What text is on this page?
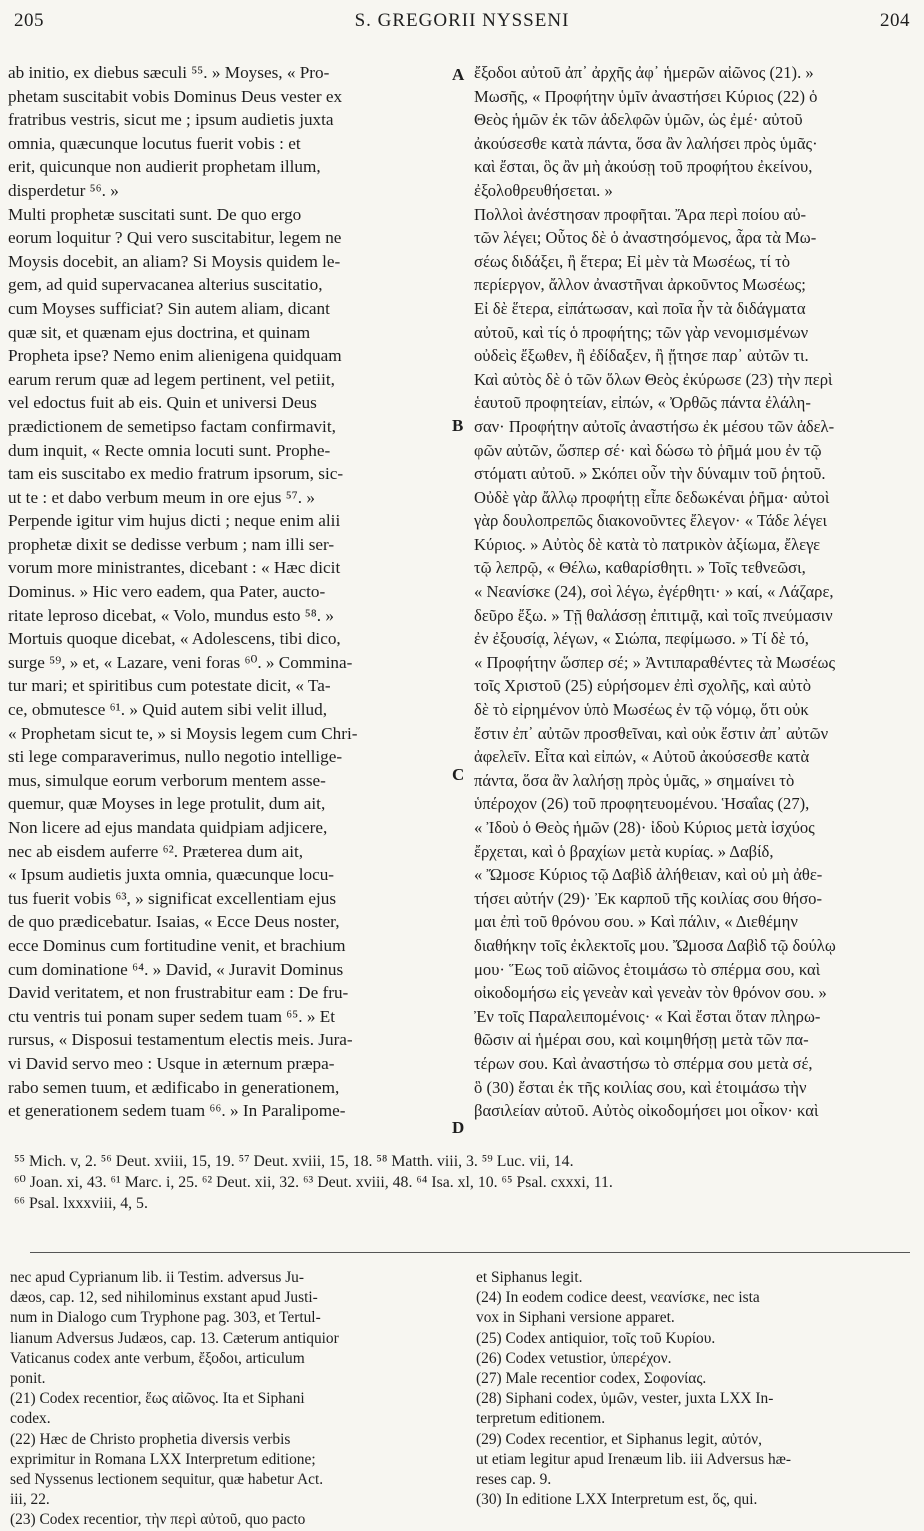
205	S. GREGORII NYSSENI	204
ab initio, ex diebus sæculi ⁵⁵. » Moyses, « Pro-
phetam suscitabit vobis Dominus Deus vester ex
fratribus vestris, sicut me ; ipsum audietis juxta
omnia, quæcunque locutus fuerit vobis : et
erit, quicunque non audierit prophetam illum,
disperdetur ⁵⁶. »
Multi prophetæ suscitati sunt. De quo ergo
eorum loquitur ? Qui vero suscitabitur, legem ne
Moysis docebit, an aliam? Si Moysis quidem le-
gem, ad quid supervacanea alterius suscitatio,
cum Moyses sufficiat? Sin autem aliam, dicant
quæ sit, et quænam ejus doctrina, et quinam
Propheta ipse? Nemo enim alienigena quidquam
earum rerum quæ ad legem pertinent, vel petiit,
vel edoctus fuit ab eis. Quin et universi Deus
prædictionem de semetipso factam confirmavit,
dum inquit, « Recte omnia locuti sunt. Prophe-
tam eis suscitabo ex medio fratrum ipsorum, sic-
ut te : et dabo verbum meum in ore ejus ⁵⁷. »
Perpende igitur vim hujus dicti ; neque enim alii
prophetæ dixit se dedisse verbum ; nam illi ser-
vorum more ministrantes, dicebant : « Hæc dicit
Dominus. » Hic vero eadem, qua Pater, aucto-
ritate leproso dicebat, « Volo, mundus esto ⁵⁸. »
Mortuis quoque dicebat, « Adolescens, tibi dico,
surge ⁵⁹, » et, « Lazare, veni foras ⁶⁰. » Commina-
tur mari; et spiritibus cum potestate dicit, « Ta-
ce, obmutesce ⁶¹. » Quid autem sibi velit illud,
« Prophetam sicut te, » si Moysis legem cum Chri-
sti lege comparaverimus, nullo negotio intellige-
mus, simulque eorum verborum mentem asse-
quemur, quæ Moyses in lege protulit, dum ait,
Non licere ad ejus mandata quidpiam adjicere,
nec ab eisdem auferre ⁶². Præterea dum ait,
« Ipsum audietis juxta omnia, quæcunque locu-
tus fuerit vobis ⁶³, » significat excellentiam ejus
de quo prædicebatur. Isaias, « Ecce Deus noster,
ecce Dominus cum fortitudine venit, et brachium
cum dominatione ⁶⁴. » David, « Juravit Dominus
David veritatem, et non frustrabitur eam : De fru-
ctu ventris tui ponam super sedem tuam ⁶⁵. » Et
rursus, « Disposui testamentum electis meis. Jura-
vi David servo meo : Usque in æternum præpa-
rabo semen tuum, et ædificabo in generationem,
et generationem sedem tuam ⁶⁶. » In Paralipome-
ἔξοδοι αὐτοῦ ἀπ᾽ ἀρχῆς ἀφ᾽ ἡμερῶν αἰῶνος (21). »
Μωσῆς, « Προφήτην ὑμῖν ἀναστήσει Κύριος (22) ὁ
Θεὸς ἡμῶν ἐκ τῶν ἀδελφῶν ὑμῶν, ὡς ἐμέ· αὐτοῦ
ἀκούσεσθε κατὰ πάντα, ὅσα ἂν λαλήσει πρὸς ὑμᾶς·
καὶ ἔσται, ὃς ἂν μὴ ἀκούσῃ τοῦ προφήτου ἐκείνου,
ἐξολοθρευθήσεται. »
Πολλοὶ ἀνέστησαν προφῆται. Ἄρα περὶ ποίου αὐ-
τῶν λέγει; Οὗτος δὲ ὁ ἀναστησόμενος, ἆρα τὰ Μω-
σέως διδάξει, ἢ ἕτερα; Εἰ μὲν τὰ Μωσέως, τί τὸ
περίεργον, ἄλλον ἀναστῆναι ἀρκοῦντος Μωσέως;
Εἰ δὲ ἕτερα, εἰπάτωσαν, καὶ ποῖα ἦν τὰ διδάγματα
αὐτοῦ, καὶ τίς ὁ προφήτης; τῶν γὰρ νενομισμένων
οὐδεὶς ἔξωθεν, ἢ ἐδίδαξεν, ἢ ᾔτησε παρ᾽ αὐτῶν τι.
Καὶ αὐτὸς δὲ ὁ τῶν ὅλων Θεὸς ἐκύρωσε (23) τὴν περὶ
ἑαυτοῦ προφητείαν, εἰπών, « Ὀρθῶς πάντα ἐλάλη-
σαν· Προφήτην αὐτοῖς ἀναστήσω ἐκ μέσου τῶν ἀδελ-
φῶν αὐτῶν, ὥσπερ σέ· καὶ δώσω τὸ ῥῆμά μου ἐν τῷ
στόματι αὐτοῦ. » Σκόπει οὖν τὴν δύναμιν τοῦ ῥητοῦ.
Οὐδὲ γὰρ ἄλλῳ προφήτῃ εἶπε δεδωκέναι ῥῆμα· αὐτοὶ
γὰρ δουλοπρεπῶς διακονοῦντες ἔλεγον· « Τάδε λέγει
Κύριος. » Αὐτὸς δὲ κατὰ τὸ πατρικὸν ἀξίωμα, ἔλεγε
τῷ λεπρῷ, « Θέλω, καθαρίσθητι. » Τοῖς τεθνεῶσι,
« Νεανίσκε (24), σοὶ λέγω, ἐγέρθητι· » καί, « Λάζαρε,
δεῦρο ἔξω. » Τῇ θαλάσσῃ ἐπιτιμᾷ, καὶ τοῖς πνεύμασιν
ἐν ἐξουσίᾳ, λέγων, « Σιώπα, πεφίμωσο. » Τί δὲ τό,
« Προφήτην ὥσπερ σέ; » Ἀντιπαραθέντες τὰ Μωσέως
τοῖς Χριστοῦ (25) εὑρήσομεν ἐπὶ σχολῆς, καὶ αὐτὸ
δὲ τὸ εἰρημένον ὑπὸ Μωσέως ἐν τῷ νόμῳ, ὅτι οὐκ
ἔστιν ἐπ᾽ αὐτῶν προσθεῖναι, καὶ οὐκ ἔστιν ἀπ᾽ αὐτῶν
ἀφελεῖν. Εἶτα καὶ εἰπών, « Αὐτοῦ ἀκούσεσθε κατὰ
πάντα, ὅσα ἂν λαλήσῃ πρὸς ὑμᾶς, » σημαίνει τὸ
ὑπέροχον (26) τοῦ προφητευομένου. Ἡσαΐας (27),
« Ἰδοὺ ὁ Θεὸς ἡμῶν (28)· ἰδοὺ Κύριος μετὰ ἰσχύος
ἔρχεται, καὶ ὁ βραχίων μετὰ κυρίας. » Δαβίδ,
« Ὤμοσε Κύριος τῷ Δαβὶδ ἀλήθειαν, καὶ οὐ μὴ ἀθε-
τήσει αὐτήν (29)· Ἐκ καρποῦ τῆς κοιλίας σου θήσο-
μαι ἐπὶ τοῦ θρόνου σου. » Καὶ πάλιν, « Διεθέμην
διαθήκην τοῖς ἐκλεκτοῖς μου. Ὤμοσα Δαβὶδ τῷ δούλῳ
μου· Ἕως τοῦ αἰῶνος ἑτοιμάσω τὸ σπέρμα σου, καὶ
οἰκοδομήσω εἰς γενεὰν καὶ γενεὰν τὸν θρόνον σου. »
Ἐν τοῖς Παραλειπομένοις· « Καὶ ἔσται ὅταν πληρω-
θῶσιν αἱ ἡμέραι σου, καὶ κοιμηθήσῃ μετὰ τῶν πα-
τέρων σου. Καὶ ἀναστήσω τὸ σπέρμα σου μετὰ σέ,
ὃ (30) ἔσται ἐκ τῆς κοιλίας σου, καὶ ἑτοιμάσω τὴν
βασιλείαν αὐτοῦ. Αὐτὸς οἰκοδομήσει μοι οἶκον· καὶ
A
B
C
D
⁵⁵ Mich. v, 2. ⁵⁶ Deut. xviii, 15, 19. ⁵⁷ Deut. xviii, 15, 18. ⁵⁸ Matth. viii, 3. ⁵⁹ Luc. vii, 14.
⁶⁰ Joan. xi, 43. ⁶¹ Marc. i, 25. ⁶² Deut. xii, 32. ⁶³ Deut. xviii, 48. ⁶⁴ Isa. xl, 10. ⁶⁵ Psal. cxxxi, 11.
⁶⁶ Psal. lxxxviii, 4, 5.
nec apud Cyprianum lib. ii Testim. adversus Ju-
dæos, cap. 12, sed nihilominus exstant apud Justi-
num in Dialogo cum Tryphone pag. 303, et Tertul-
lianum Adversus Judæos, cap. 13. Cæterum antiquior
Vaticanus codex ante verbum, ἔξοδοι, articulum
ponit.
(21) Codex recentior, ἕως αἰῶνος. Ita et Siphani
codex.
(22) Hæc de Christo prophetia diversis verbis
exprimitur in Romana LXX Interpretum editione;
sed Nyssenus lectionem sequitur, quæ habetur Act.
iii, 22.
(23) Codex recentior, τὴν περὶ αὐτοῦ, quo pacto
et Siphanus legit.
(24) In eodem codice deest, νεανίσκε, nec ista
vox in Siphani versione apparet.
(25) Codex antiquior, τοῖς τοῦ Κυρίου.
(26) Codex vetustior, ὑπερέχον.
(27) Male recentior codex, Σοφονίας.
(28) Siphani codex, ὑμῶν, vester, juxta LXX In-
terpretum editionem.
(29) Codex recentior, et Siphanus legit, αὐτόν,
ut etiam legitur apud Irenæum lib. iii Adversus hæ-
reses cap. 9.
(30) In editione LXX Interpretum est, ὅς, qui.
